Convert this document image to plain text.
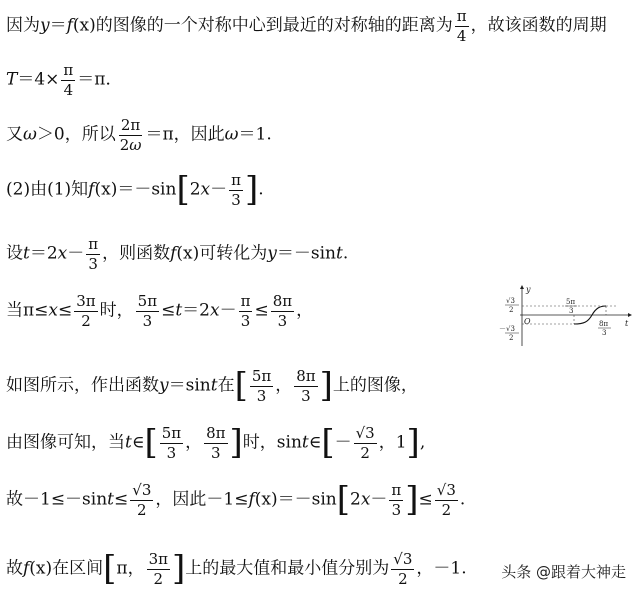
因为y＝f(x)的图像的一个对称中心到最近的对称轴的距离为 $\frac{\pi}{4}$ ，故该函数的周期
$T=4\times \frac{\pi}{4} =\pi$．
又ω＞0，所以 $\frac{2\pi}{2\omega} =\pi$，因此ω＝1.
(2)由(1)知$f(x)=-\sin[2x- \frac{\pi}{3}$ ].
设$t=2x- \frac{\pi}{3}$ ，则函数f(x)可转化为y＝－sint.
当$\pi\le x\le \frac{3\pi}{2}$ 时， $\frac{5\pi}{3} \le t=2x- \frac{\pi}{3} \le \frac{8\pi}{3}$ ，
如图所示，作出函数y＝sint在[ $\frac{5\pi}{3}$ ， $\frac{8\pi}{3}$ ]上的图像，
由图像可知，当t∈[ $\frac{5\pi}{3}$ ， $\frac{8\pi}{3}$ ]时，sint∈[－ $\frac{√3}{2}$ ，1],
故$-1\le-\sin t\le \frac{√3}{2}$ ，因此$-1\le f(x)=-\sin[2x- \frac{\pi}{3}$ ]≤ $\frac{√3}{2}$ .
故f(x)在区间[π， $\frac{3\pi}{2}$ ]上的最大值和最小值分别为 $\frac{√3}{2}$ ，－1.
y
t
O
√3
2
－ √3
2
5π
3
8π
3
头条 @跟着大神走
